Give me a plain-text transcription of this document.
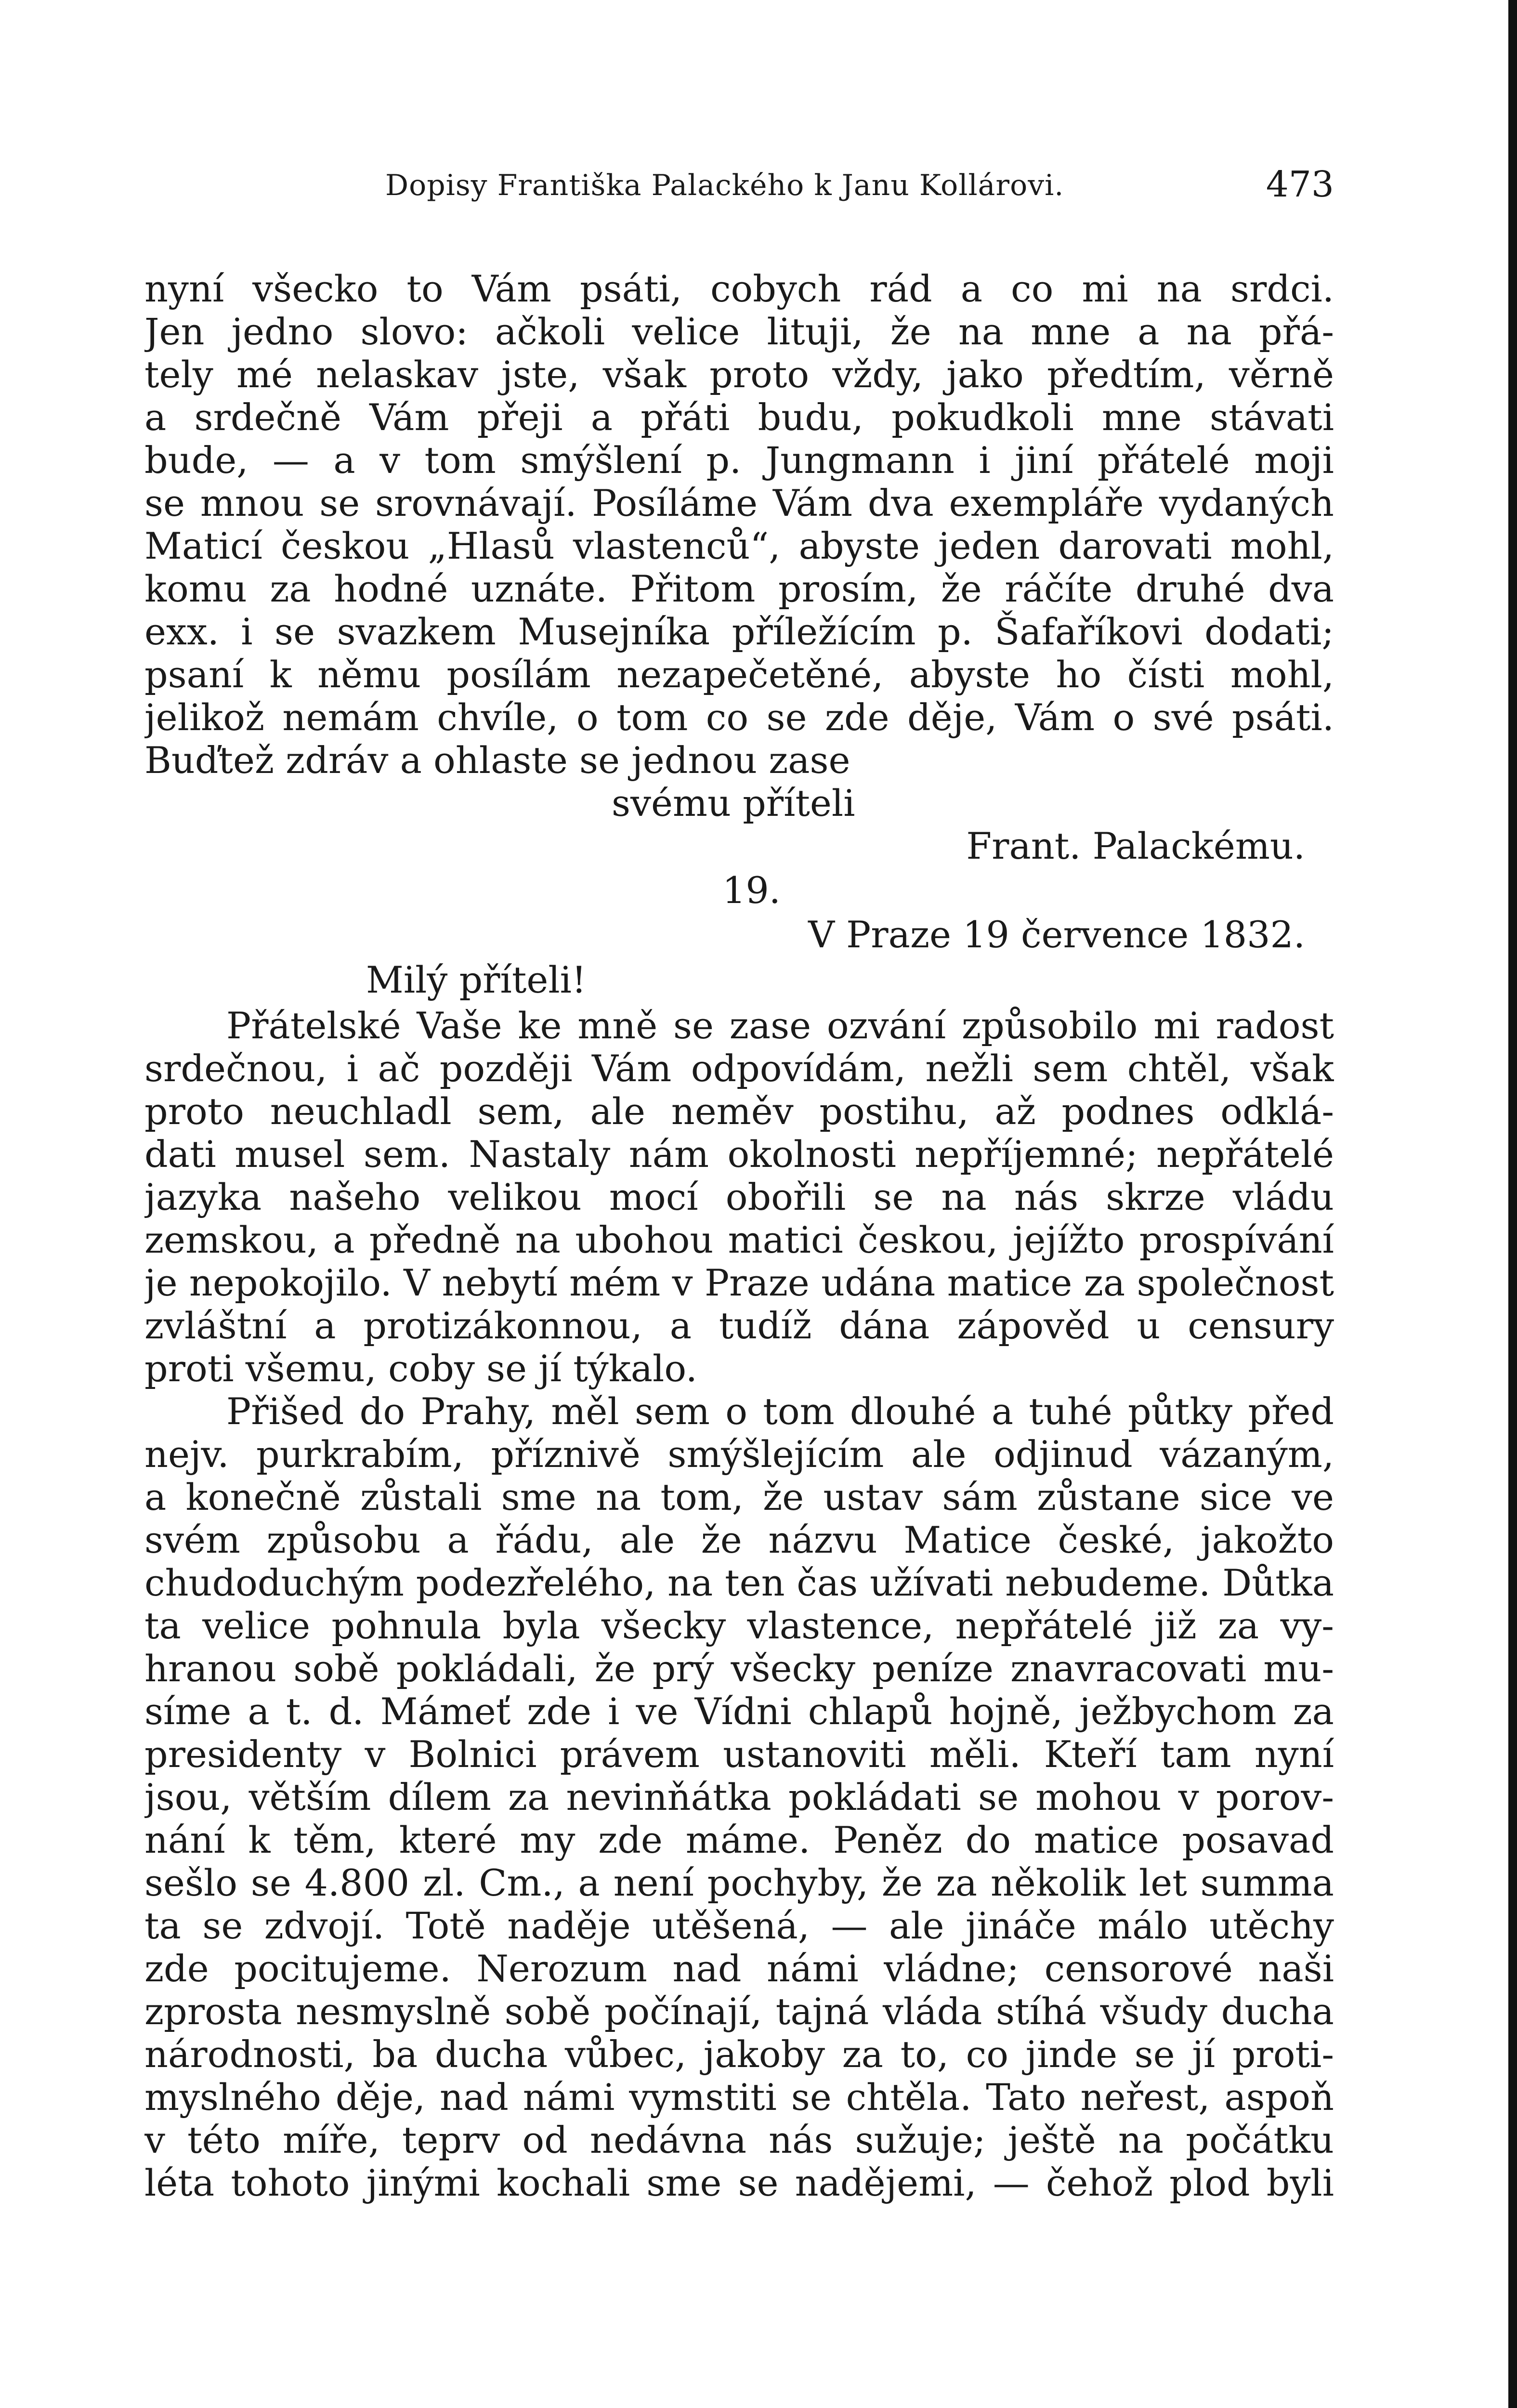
Dopisy Františka Palackého k Janu Kollárovi.	473
nyní všecko to Vám psáti, cobych rád a co mi na srdci.
Jen jedno slovo: ačkoli velice lituji, že na mne a na přá-
tely mé nelaskav jste, však proto vždy, jako předtím, věrně
a srdečně Vám přeji a přáti budu, pokudkoli mne stávati
bude, — a v tom smýšlení p. Jungmann i jiní přátelé moji
se mnou se srovnávají. Posíláme Vám dva exempláře vydaných
Maticí českou „Hlasů vlastenců“, abyste jeden darovati mohl,
komu za hodné uznáte. Přitom prosím, že ráčíte druhé dva
exx. i se svazkem Musejníka příležícím p. Šafaříkovi dodati;
psaní k němu posílám nezapečetěné, abyste ho čísti mohl,
jelikož nemám chvíle, o tom co se zde děje, Vám o své psáti.
Buďtež zdráv a ohlaste se jednou zase
svému příteli
Frant. Palackému.
19.
V Praze 19 července 1832.
Milý příteli!
Přátelské Vaše ke mně se zase ozvání způsobilo mi radost
srdečnou, i ač později Vám odpovídám, nežli sem chtěl, však
proto neuchladl sem, ale neměv postihu, až podnes odklá-
dati musel sem. Nastaly nám okolnosti nepříjemné; nepřátelé
jazyka našeho velikou mocí obořili se na nás skrze vládu
zemskou, a předně na ubohou matici českou, jejížto prospívání
je nepokojilo. V nebytí mém v Praze udána matice za společnost
zvláštní a protizákonnou, a tudíž dána zápověd u censury
proti všemu, coby se jí týkalo.
Přišed do Prahy, měl sem o tom dlouhé a tuhé půtky před
nejv. purkrabím, příznivě smýšlejícím ale odjinud vázaným,
a konečně zůstali sme na tom, že ustav sám zůstane sice ve
svém způsobu a řádu, ale že názvu Matice české, jakožto
chudoduchým podezřelého, na ten čas užívati nebudeme. Důtka
ta velice pohnula byla všecky vlastence, nepřátelé již za vy-
hranou sobě pokládali, že prý všecky peníze znavracovati mu-
síme a t. d. Mámeť zde i ve Vídni chlapů hojně, ježbychom za
presidenty v Bolnici právem ustanoviti měli. Kteří tam nyní
jsou, větším dílem za nevinňátka pokládati se mohou v porov-
nání k těm, které my zde máme. Peněz do matice posavad
sešlo se 4.800 zl. Cm., a není pochyby, že za několik let summa
ta se zdvojí. Totě naděje utěšená, — ale jináče málo utěchy
zde pocitujeme. Nerozum nad námi vládne; censorové naši
zprosta nesmyslně sobě počínají, tajná vláda stíhá všudy ducha
národnosti, ba ducha vůbec, jakoby za to, co jinde se jí proti-
myslného děje, nad námi vymstiti se chtěla. Tato neřest, aspoň
v této míře, teprv od nedávna nás sužuje; ještě na počátku
léta tohoto jinými kochali sme se nadějemi, — čehož plod byli
